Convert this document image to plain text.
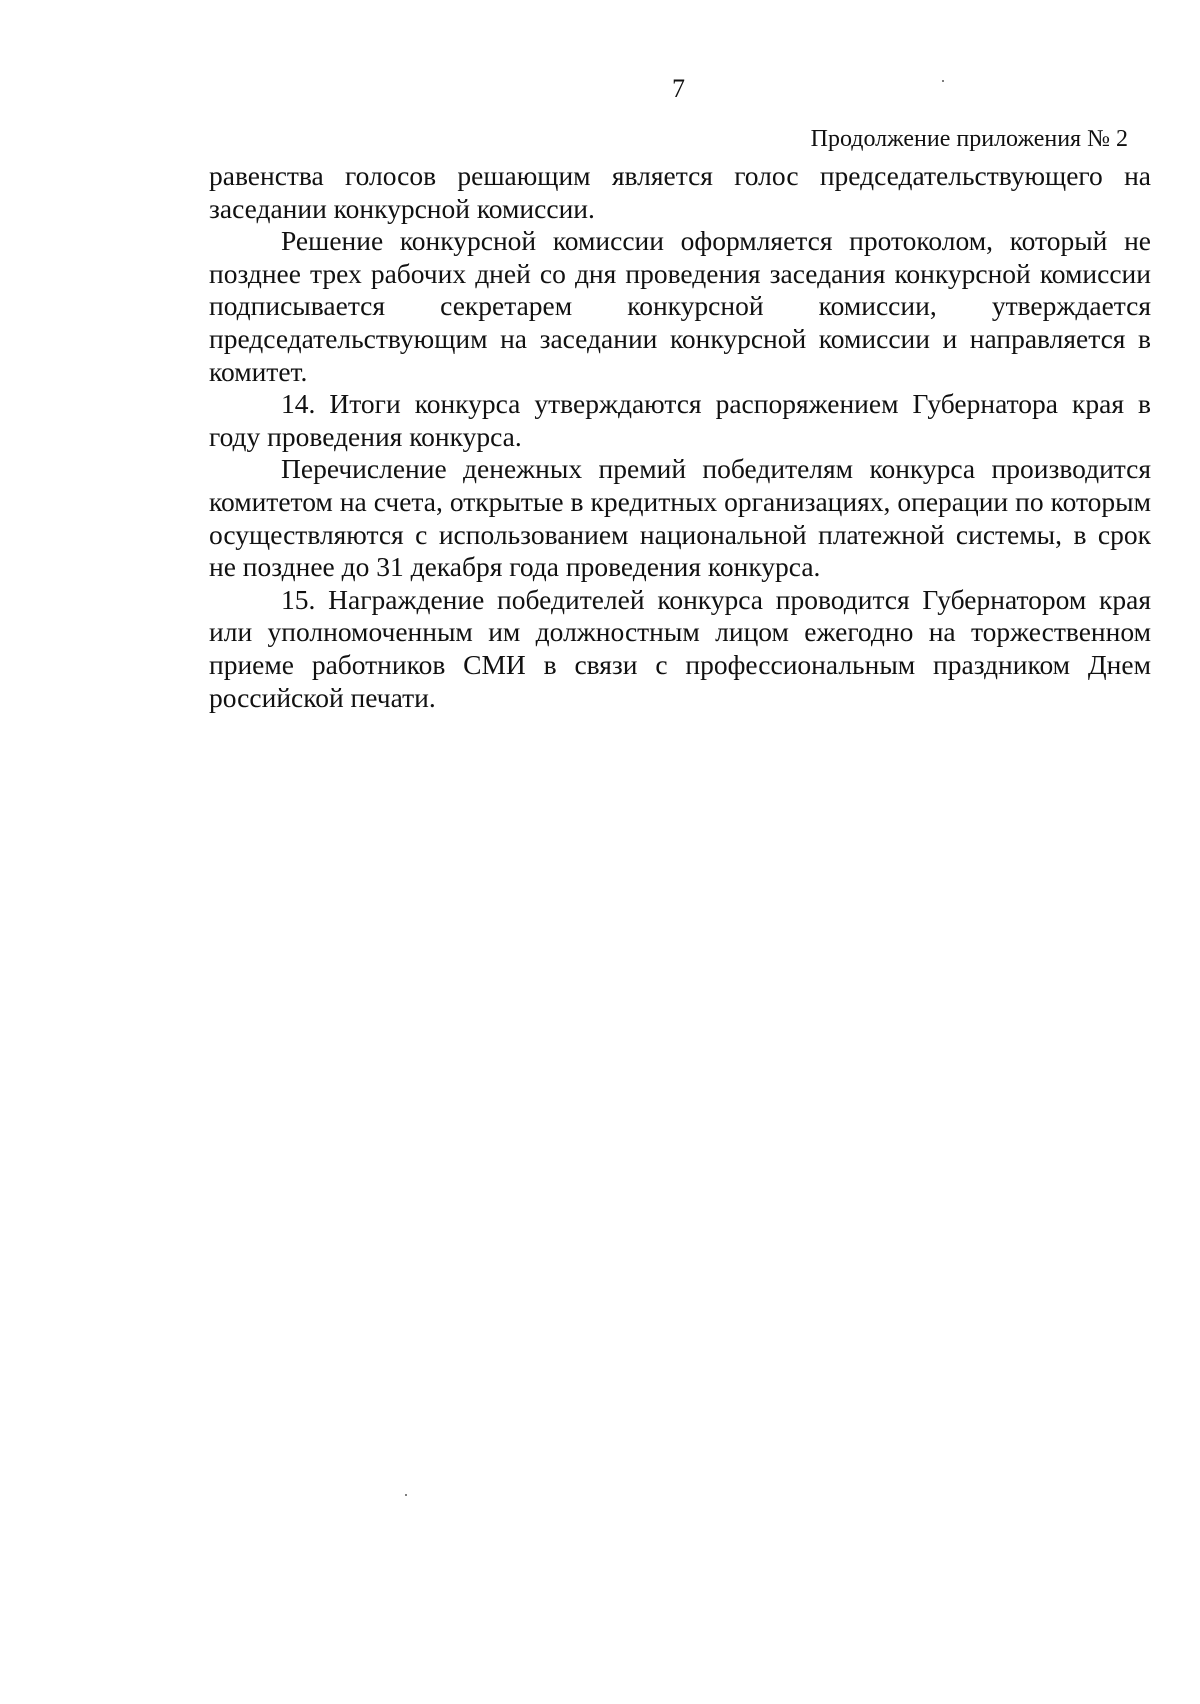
7
Продолжение приложения № 2

равенства голосов решающим является голос председательствующего на заседании конкурсной комиссии.

Решение конкурсной комиссии оформляется протоколом, который не позднее трех рабочих дней со дня проведения заседания конкурсной комиссии подписывается секретарем конкурсной комиссии, утверждается председательствующим на заседании конкурсной комиссии и направляется в комитет.

14. Итоги конкурса утверждаются распоряжением Губернатора края в году проведения конкурса.

Перечисление денежных премий победителям конкурса производится комитетом на счета, открытые в кредитных организациях, операции по которым осуществляются с использованием национальной платежной системы, в срок не позднее до 31 декабря года проведения конкурса.

15. Награждение победителей конкурса проводится Губернатором края или уполномоченным им должностным лицом ежегодно на торжественном приеме работников СМИ в связи с профессиональным праздником Днем российской печати.
